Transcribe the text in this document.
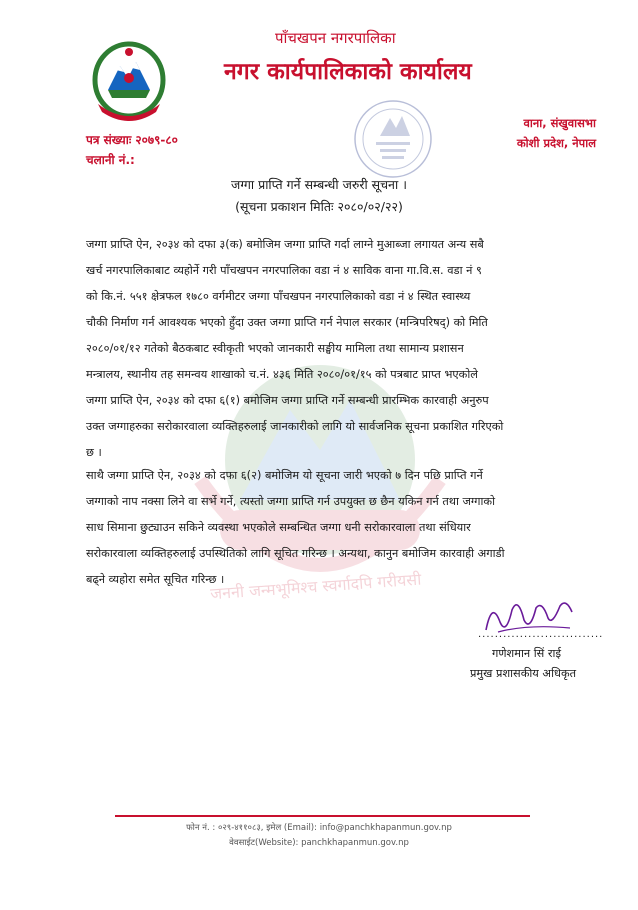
जननी जन्मभूमिश्च स्वर्गादपि गरीयसी
पाँचखपन नगरपालिका
नगर कार्यपालिकाको कार्यालय
वाना, संखुवासभा
कोशी प्रदेश, नेपाल
पत्र संख्याः २०७९-८०
चलानी नं.:
जग्गा प्राप्ति गर्ने सम्बन्धी जरुरी सूचना ।
(सूचना प्रकाशन मितिः २०८०/०२/२२)
जग्गा प्राप्ति ऐन, २०३४ को दफा ३(क) बमोजिम जग्गा प्राप्ति गर्दा लाग्ने मुआब्जा लगायत अन्य सबै
खर्च नगरपालिकाबाट व्यहोर्ने गरी पाँचखपन नगरपालिका वडा नं ४ साविक वाना गा.वि.स. वडा नं ९
को कि.नं. ५५१ क्षेत्रफल १७८० वर्गमीटर जग्गा पाँचखपन नगरपालिकाको वडा नं ४ स्थित स्वास्थ्य
चौकी निर्माण गर्न आवश्यक भएको हुँदा उक्त जग्गा प्राप्ति गर्न नेपाल सरकार (मन्त्रिपरिषद्) को मिति
२०८०/०१/१२ गतेको बैठकबाट स्वीकृती भएको जानकारी सङ्घीय मामिला तथा सामान्य प्रशासन
मन्त्रालय, स्थानीय तह समन्वय शाखाको च.नं. ४३६ मिति २०८०/०१/१५ को पत्रबाट प्राप्त भएकोले
जग्गा प्राप्ति ऐन, २०३४ को दफा ६(१) बमोजिम जग्गा प्राप्ति गर्ने सम्बन्धी प्रारम्भिक कारवाही अनुरुप
उक्त जग्गाहरुका सरोकारवाला व्यक्तिहरुलाई जानकारीको लागि यो सार्वजनिक सूचना प्रकाशित गरिएको
छ ।
साथै जग्गा प्राप्ति ऐन, २०३४ को दफा ६(२) बमोजिम यो सूचना जारी भएको ७ दिन पछि प्राप्ति गर्ने
जग्गाको नाप नक्सा लिने वा सर्भे गर्ने, त्यस्तो जग्गा प्राप्ति गर्न उपयुक्त छ छैन यकिन गर्न तथा जग्गाको
साध सिमाना छुट्याउन सकिने व्यवस्था भएकोले सम्बन्धित जग्गा धनी सरोकारवाला तथा संधियार
सरोकारवाला व्यक्तिहरुलाई उपस्थितिको लागि सूचित गरिन्छ । अन्यथा, कानुन बमोजिम कारवाही अगाडी
बढ्ने व्यहोरा समेत सूचित गरिन्छ ।
..............................
गणेशमान सिं राई
प्रमुख प्रशासकीय अधिकृत
फोन नं. : ०२९-४११०८३, इमेल (Email): info@panchkhapanmun.gov.np
वेवसाईट(Website): panchkhapanmun.gov.np
